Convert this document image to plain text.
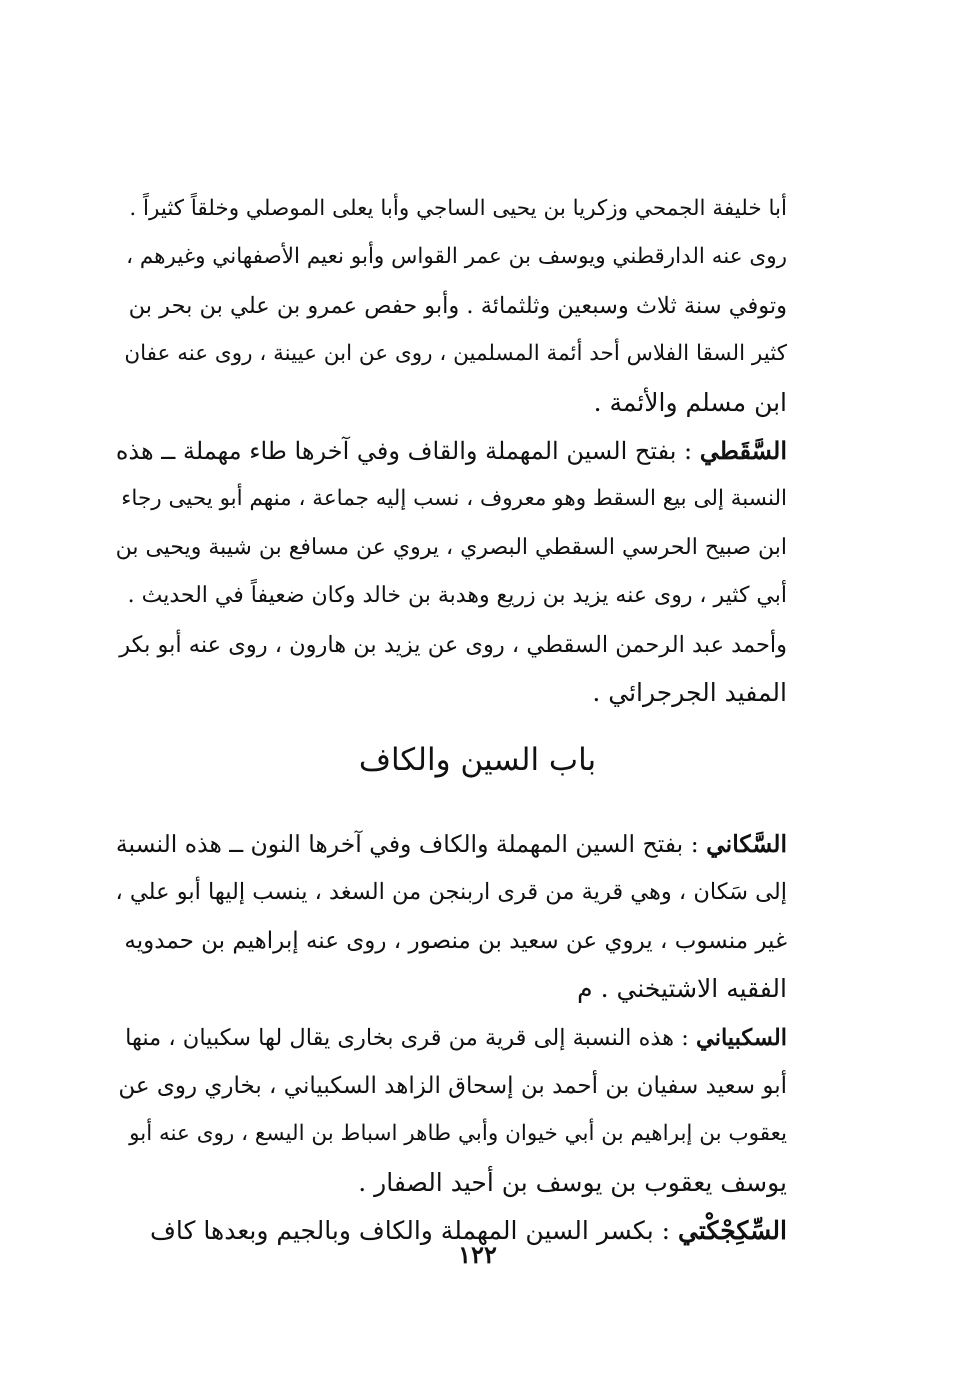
أبا خليفة الجمحي وزكريا بن يحيى الساجي وأبا يعلى الموصلي وخلقاً كثيراً .
روى عنه الدارقطني ويوسف بن عمر القواس وأبو نعيم الأصفهاني وغيرهم ،
وتوفي سنة ثلاث وسبعين وثلثمائة . وأبو حفص عمرو بن علي بن بحر بن
كثير السقا الفلاس أحد أئمة المسلمين ، روى عن ابن عيينة ، روى عنه عفان
ابن مسلم والأئمة .
السَّقَطي : بفتح السين المهملة والقاف وفي آخرها طاء مهملة ــ هذه
النسبة إلى بيع السقط وهو معروف ، نسب إليه جماعة ، منهم أبو يحيى رجاء
ابن صبيح الحرسي السقطي البصري ، يروي عن مسافع بن شيبة ويحيى بن
أبي كثير ، روى عنه يزيد بن زريع وهدبة بن خالد وكان ضعيفاً في الحديث .
وأحمد عبد الرحمن السقطي ، روى عن يزيد بن هارون ، روى عنه أبو بكر
المفيد الجرجرائي .
باب السين والكاف
السَّكاني : بفتح السين المهملة والكاف وفي آخرها النون ــ هذه النسبة
إلى سَكان ، وهي قرية من قرى اربنجن من السغد ، ينسب إليها أبو علي ،
غير منسوب ، يروي عن سعيد بن منصور ، روى عنه إبراهيم بن حمدويه
الفقيه الاشتيخني . م
السكبياني : هذه النسبة إلى قرية من قرى بخارى يقال لها سكبيان ، منها
أبو سعيد سفيان بن أحمد بن إسحاق الزاهد السكبياني ، بخاري روى عن
يعقوب بن إبراهيم بن أبي خيوان وأبي طاهر اسباط بن اليسع ، روى عنه أبو
يوسف يعقوب بن يوسف بن أحيد الصفار .
السِّكِجْكْتي : بكسر السين المهملة والكاف وبالجيم وبعدها كاف
١٢٢
